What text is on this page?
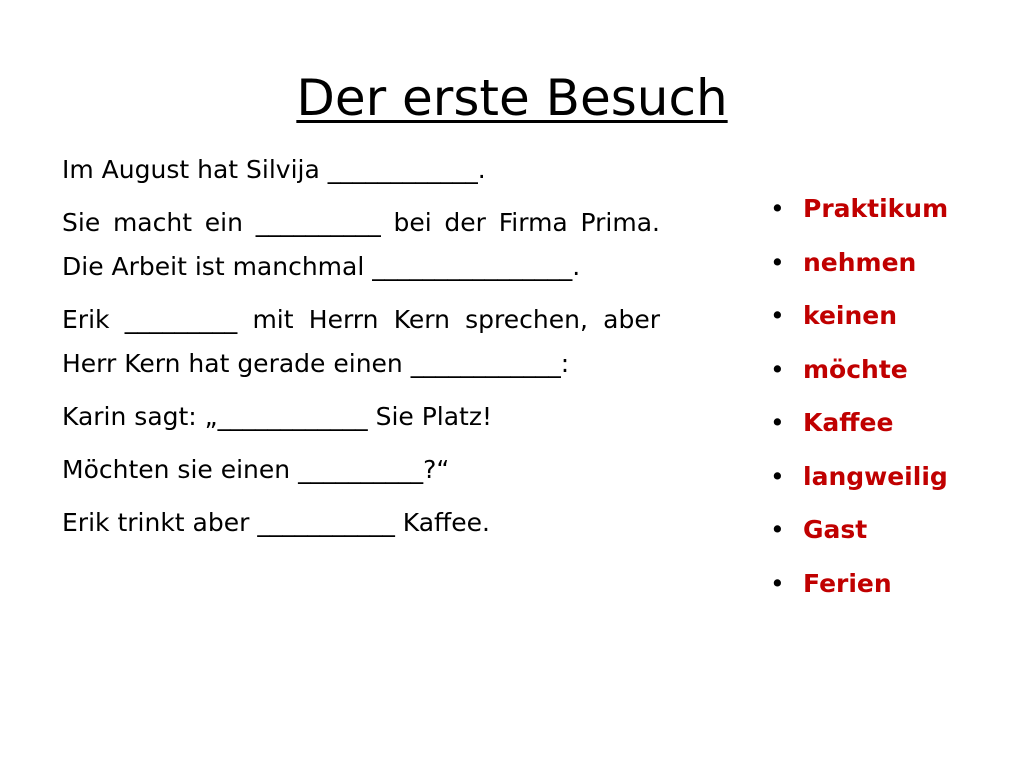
Der erste Besuch

Im August hat Silvija ____________.

Sie macht ein __________ bei der Firma Prima. Die Arbeit ist manchmal ________________.

Erik _________ mit Herrn Kern sprechen, aber Herr Kern hat gerade einen ____________:

Karin sagt: „____________ Sie Platz!

Möchten sie einen __________?“

Erik trinkt aber ___________ Kaffee.

• Praktikum
• nehmen
• keinen
• möchte
• Kaffee
• langweilig
• Gast
• Ferien
